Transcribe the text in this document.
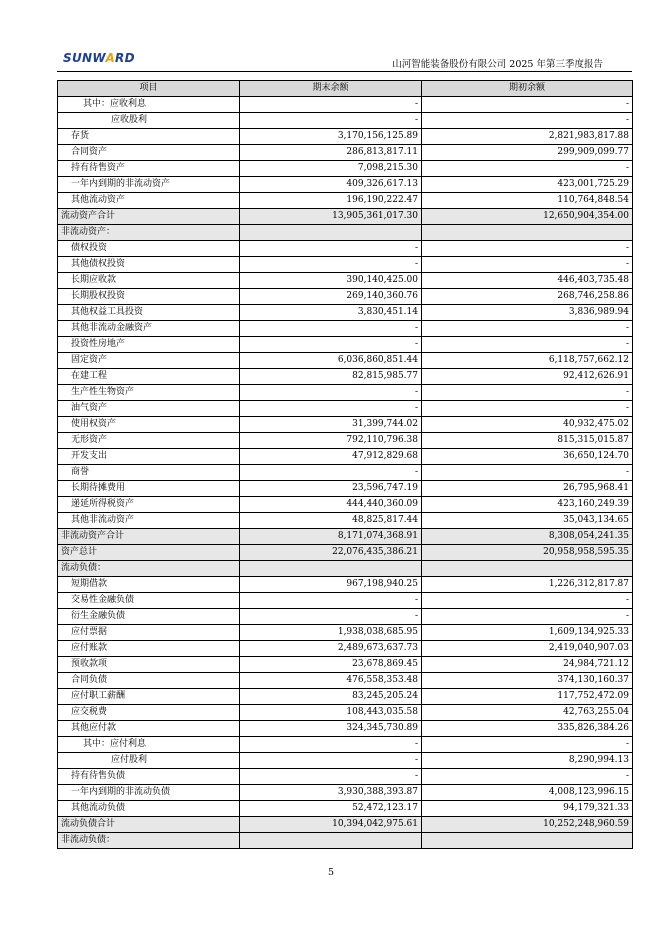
SUNWARD	山河智能装备股份有限公司 2025 年第三季度报告
项目	期末余额	期初余额
其中：应收利息	-	-
应收股利	-	-
存货	3,170,156,125.89	2,821,983,817.88
合同资产	286,813,817.11	299,909,099.77
持有待售资产	7,098,215.30	-
一年内到期的非流动资产	409,326,617.13	423,001,725.29
其他流动资产	196,190,222.47	110,764,848.54
流动资产合计	13,905,361,017.30	12,650,904,354.00
非流动资产：		
债权投资	-	-
其他债权投资	-	-
长期应收款	390,140,425.00	446,403,735.48
长期股权投资	269,140,360.76	268,746,258.86
其他权益工具投资	3,830,451.14	3,836,989.94
其他非流动金融资产	-	-
投资性房地产	-	-
固定资产	6,036,860,851.44	6,118,757,662.12
在建工程	82,815,985.77	92,412,626.91
生产性生物资产	-	-
油气资产	-	-
使用权资产	31,399,744.02	40,932,475.02
无形资产	792,110,796.38	815,315,015.87
开发支出	47,912,829.68	36,650,124.70
商誉	-	-
长期待摊费用	23,596,747.19	26,795,968.41
递延所得税资产	444,440,360.09	423,160,249.39
其他非流动资产	48,825,817.44	35,043,134.65
非流动资产合计	8,171,074,368.91	8,308,054,241.35
资产总计	22,076,435,386.21	20,958,958,595.35
流动负债：		
短期借款	967,198,940.25	1,226,312,817.87
交易性金融负债	-	-
衍生金融负债	-	-
应付票据	1,938,038,685.95	1,609,134,925.33
应付账款	2,489,673,637.73	2,419,040,907.03
预收款项	23,678,869.45	24,984,721.12
合同负债	476,558,353.48	374,130,160.37
应付职工薪酬	83,245,205.24	117,752,472.09
应交税费	108,443,035.58	42,763,255.04
其他应付款	324,345,730.89	335,826,384.26
其中：应付利息	-	-
应付股利	-	8,290,994.13
持有待售负债	-	-
一年内到期的非流动负债	3,930,388,393.87	4,008,123,996.15
其他流动负债	52,472,123.17	94,179,321.33
流动负债合计	10,394,042,975.61	10,252,248,960.59
非流动负债：		
5
